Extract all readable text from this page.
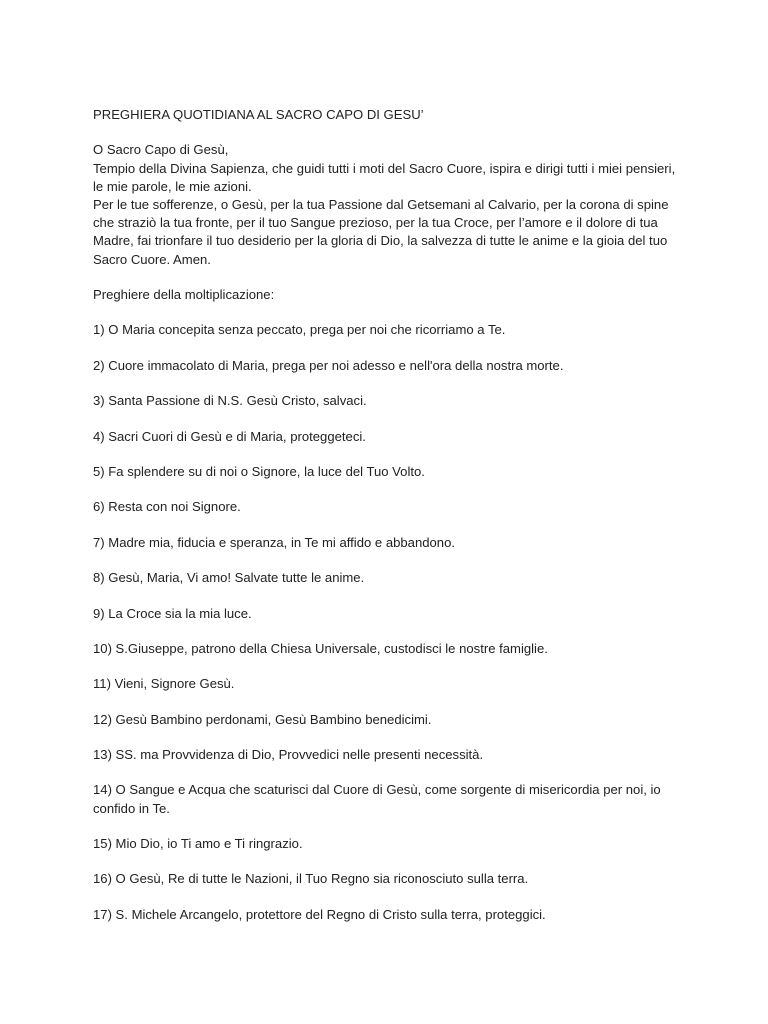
PREGHIERA QUOTIDIANA AL SACRO CAPO DI GESU’

O Sacro Capo di Gesù,

Tempio della Divina Sapienza, che guidi tutti i moti del Sacro Cuore, ispira e dirigi tutti i miei pensieri, le mie parole, le mie azioni.

Per le tue sofferenze, o Gesù, per la tua Passione dal Getsemani al Calvario, per la corona di spine che straziò la tua fronte, per il tuo Sangue prezioso, per la tua Croce, per l’amore e il dolore di tua Madre, fai trionfare il tuo desiderio per la gloria di Dio, la salvezza di tutte le anime e la gioia del tuo Sacro Cuore. Amen.

Preghiere della moltiplicazione:

1) O Maria concepita senza peccato, prega per noi che ricorriamo a Te.

2) Cuore immacolato di Maria, prega per noi adesso e nell'ora della nostra morte.

3) Santa Passione di N.S. Gesù Cristo, salvaci.

4) Sacri Cuori di Gesù e di Maria, proteggeteci.

5) Fa splendere su di noi o Signore, la luce del Tuo Volto.

6) Resta con noi Signore.

7) Madre mia, fiducia e speranza, in Te mi affido e abbandono.

8) Gesù, Maria, Vi amo! Salvate tutte le anime.

9) La Croce sia la mia luce.

10) S.Giuseppe, patrono della Chiesa Universale, custodisci le nostre famiglie.

11) Vieni, Signore Gesù.

12) Gesù Bambino perdonami, Gesù Bambino benedicimi.

13) SS. ma Provvidenza di Dio, Provvedici nelle presenti necessità.

14) O Sangue e Acqua che scaturisci dal Cuore di Gesù, come sorgente di misericordia per noi, io confido in Te.

15) Mio Dio, io Ti amo e Ti ringrazio.

16) O Gesù, Re di tutte le Nazioni, il Tuo Regno sia riconosciuto sulla terra.

17) S. Michele Arcangelo, protettore del Regno di Cristo sulla terra, proteggici.
